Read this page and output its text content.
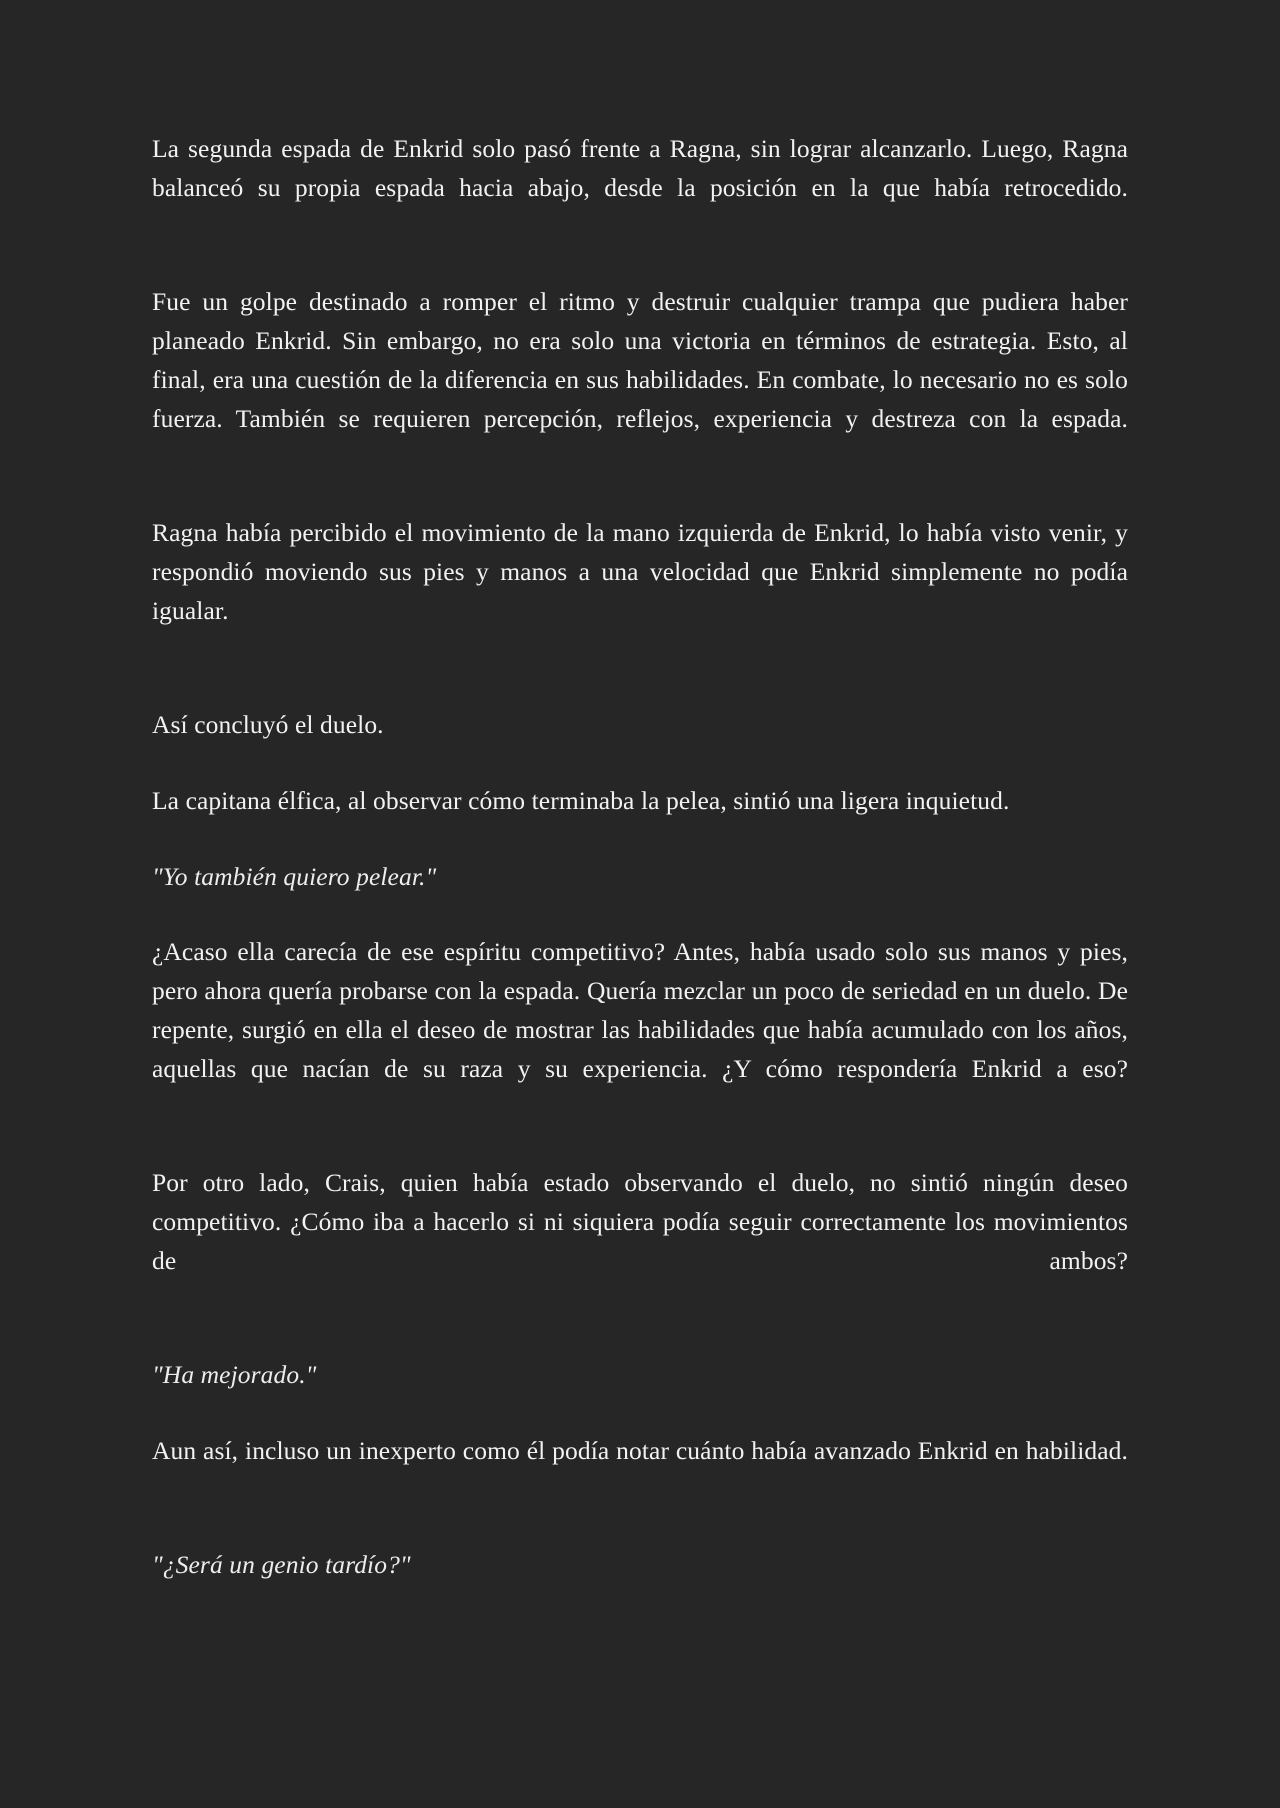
La segunda espada de Enkrid solo pasó frente a Ragna, sin lograr alcanzarlo. Luego, Ragna balanceó su propia espada hacia abajo, desde la posición en la que había retrocedido.

Fue un golpe destinado a romper el ritmo y destruir cualquier trampa que pudiera haber planeado Enkrid. Sin embargo, no era solo una victoria en términos de estrategia. Esto, al final, era una cuestión de la diferencia en sus habilidades. En combate, lo necesario no es solo fuerza. También se requieren percepción, reflejos, experiencia y destreza con la espada.

Ragna había percibido el movimiento de la mano izquierda de Enkrid, lo había visto venir, y respondió moviendo sus pies y manos a una velocidad que Enkrid simplemente no podía igualar.

Así concluyó el duelo.

La capitana élfica, al observar cómo terminaba la pelea, sintió una ligera inquietud.

"Yo también quiero pelear."

¿Acaso ella carecía de ese espíritu competitivo? Antes, había usado solo sus manos y pies, pero ahora quería probarse con la espada. Quería mezclar un poco de seriedad en un duelo. De repente, surgió en ella el deseo de mostrar las habilidades que había acumulado con los años, aquellas que nacían de su raza y su experiencia. ¿Y cómo respondería Enkrid a eso?

Por otro lado, Crais, quien había estado observando el duelo, no sintió ningún deseo competitivo. ¿Cómo iba a hacerlo si ni siquiera podía seguir correctamente los movimientos de ambos?

"Ha mejorado."

Aun así, incluso un inexperto como él podía notar cuánto había avanzado Enkrid en habilidad.

"¿Será un genio tardío?"
